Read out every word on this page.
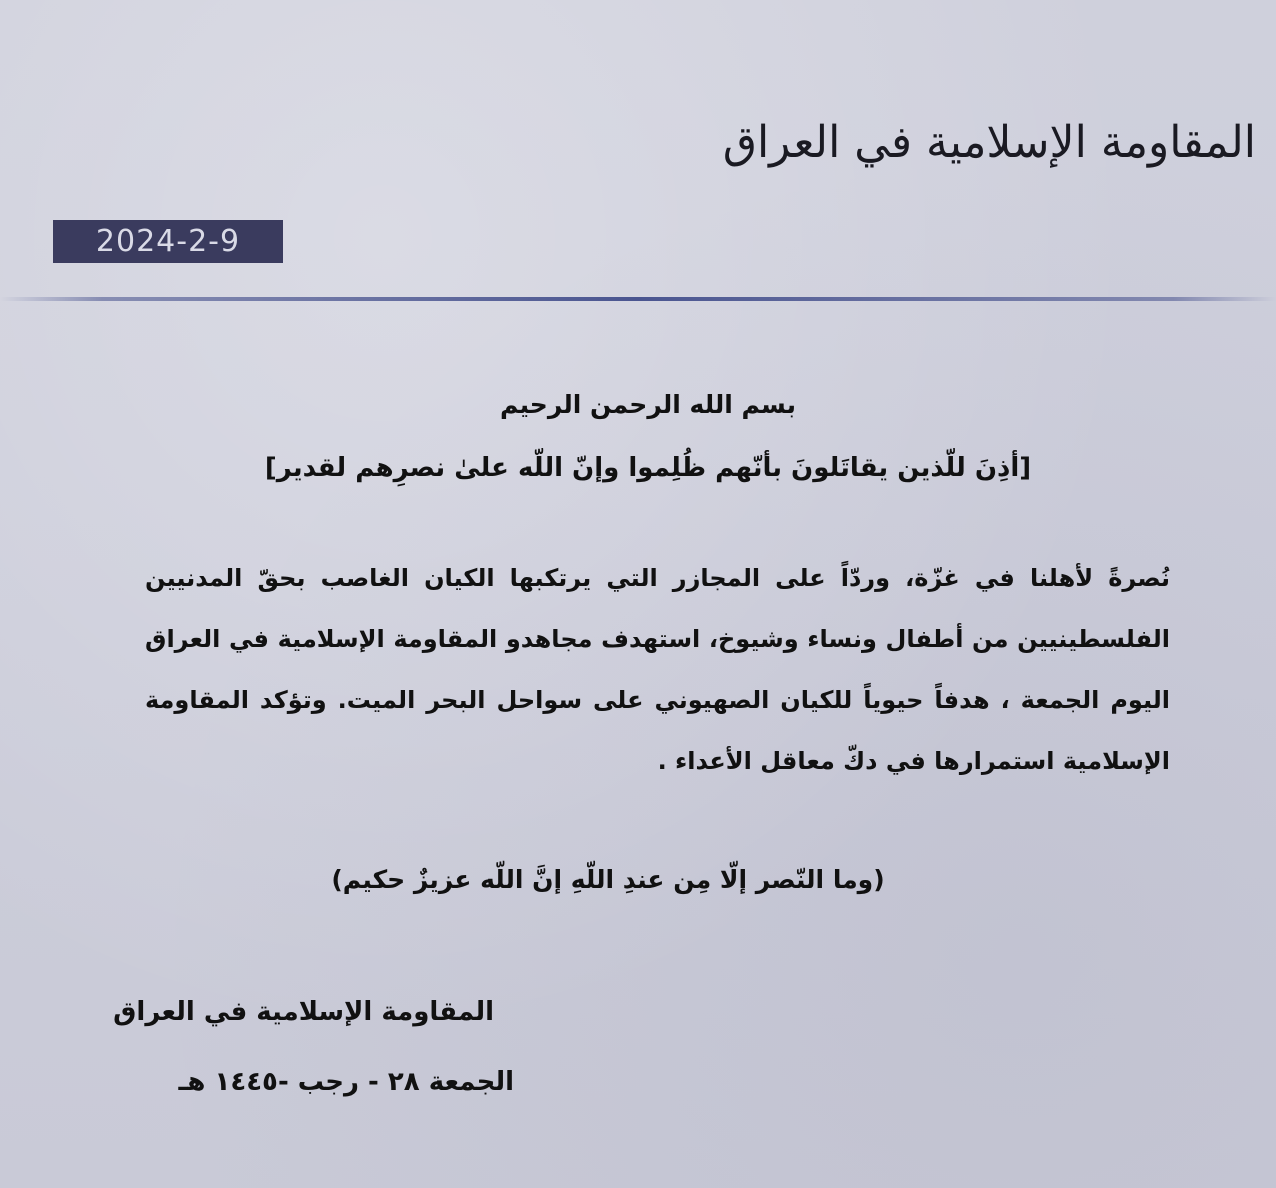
المقاومة الإسلامية في العراق
2024-2-9
بسم الله الرحمن الرحيم
[أذِنَ للّذين يقاتَلونَ بأنّهم ظُلِموا وإنّ اللّه علىٰ نصرِهم لقدير]
نُصرةً لأهلنا في غزّة، وردّاً على المجازر التي يرتكبها الكيان الغاصب بحقّ المدنيين الفلسطينيين من أطفال ونساء وشيوخ، استهدف مجاهدو المقاومة الإسلامية في العراق اليوم الجمعة ، هدفاً حيوياً للكيان الصهيوني على سواحل البحر الميت. وتؤكد المقاومة الإسلامية استمرارها في دكّ معاقل الأعداء .
(وما النّصر إلّا مِن عندِ اللّهِ إنَّ اللّه عزيزٌ حكيم)
المقاومة الإسلامية في العراق
الجمعة ٢٨ - رجب -١٤٤٥ هـ
